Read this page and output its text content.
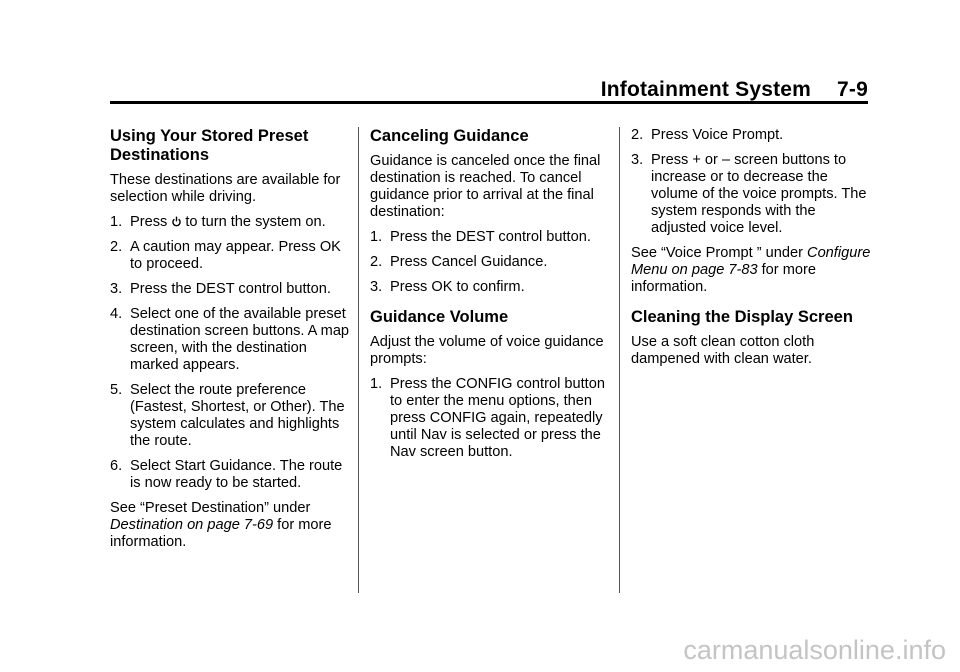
Infotainment System 7-9
Using Your Stored Preset Destinations

These destinations are available for selection while driving.

1. Press to turn the system on.
2. A caution may appear. Press OK to proceed.
3. Press the DEST control button.
4. Select one of the available preset destination screen buttons. A map screen, with the destination marked appears.
5. Select the route preference (Fastest, Shortest, or Other). The system calculates and highlights the route.
6. Select Start Guidance. The route is now ready to be started.

See “Preset Destination” under Destination on page 7-69 for more information.

Canceling Guidance

Guidance is canceled once the final destination is reached. To cancel guidance prior to arrival at the final destination:

1. Press the DEST control button.
2. Press Cancel Guidance.
3. Press OK to confirm.
Guidance Volume

Adjust the volume of voice guidance prompts:

1. Press the CONFIG control button to enter the menu options, then press CONFIG again, repeatedly until Nav is selected or press the Nav screen button.
2. Press Voice Prompt.
3. Press + or – screen buttons to increase or to decrease the volume of the voice prompts. The system responds with the adjusted voice level.

See “Voice Prompt ” under Configure Menu on page 7-83 for more information.

Cleaning the Display Screen

Use a soft clean cotton cloth dampened with clean water.

carmanualsonline.info
